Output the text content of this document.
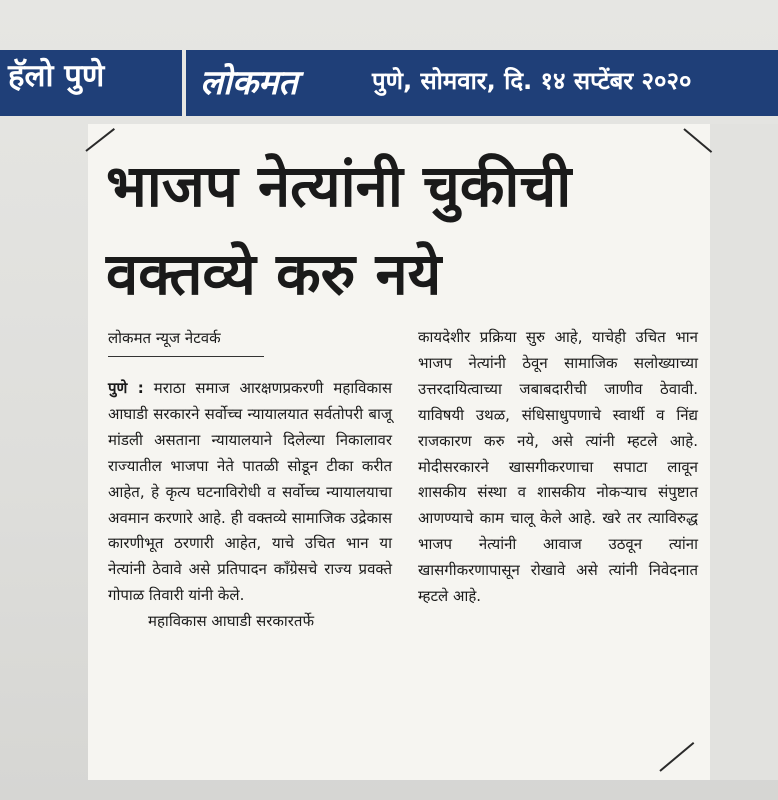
हॅलो पुणे	लोकमत	पुणे, सोमवार, दि. १४ सप्टेंबर २०२०
भाजप नेत्यांनी चुकीची
वक्तव्ये करु नये
लोकमत न्यूज नेटवर्क

पुणे : मराठा समाज आरक्षणप्रकरणी महाविकास आघाडी सरकारने सर्वोच्च न्यायालयात सर्वतोपरी बाजू मांडली असताना न्यायालयाने दिलेल्या निकालावर राज्यातील भाजपा नेते पातळी सोडून टीका करीत आहेत, हे कृत्य घटनाविरोधी व सर्वोच्च न्यायालयाचा अवमान करणारे आहे. ही वक्तव्ये सामाजिक उद्रेकास कारणीभूत ठरणारी आहेत, याचे उचित भान या नेत्यांनी ठेवावे असे प्रतिपादन काँग्रेसचे राज्य प्रवक्ते गोपाळ तिवारी यांनी केले.

महाविकास आघाडी सरकारतर्फे

कायदेशीर प्रक्रिया सुरु आहे, याचेही उचित भान भाजप नेत्यांनी ठेवून सामाजिक सलोख्याच्या उत्तरदायित्वाच्या जबाबदारीची जाणीव ठेवावी. याविषयी उथळ, संधिसाधुपणाचे स्वार्थी व निंद्य राजकारण करु नये, असे त्यांनी म्हटले आहे. मोदीसरकारने खासगीकरणाचा सपाटा लावून शासकीय संस्था व शासकीय नोकऱ्याच संपुष्टात आणण्याचे काम चालू केले आहे. खरे तर त्याविरुद्ध भाजप नेत्यांनी आवाज उठवून त्यांना खासगीकरणापासून रोखावे असे त्यांनी निवेदनात म्हटले आहे.
